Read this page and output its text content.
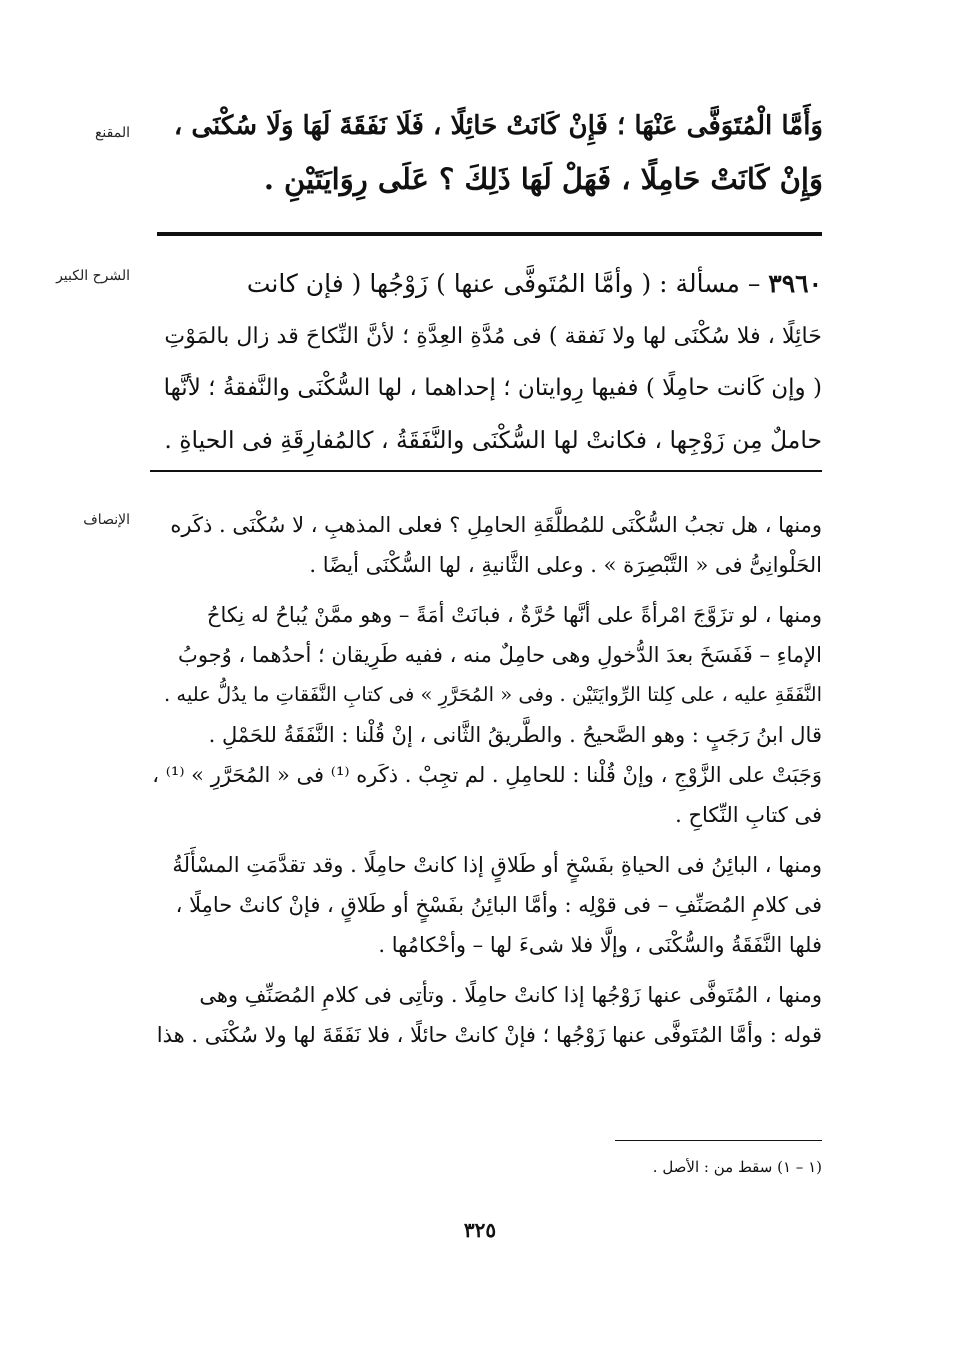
المقنع	وَأَمَّا الْمُتَوَفَّى عَنْهَا ؛ فَإِنْ كَانَتْ حَائِلًا ، فَلَا نَفَقَةَ لَهَا وَلَا سُكْنَى ،
وَإِنْ كَانَتْ حَامِلًا ، فَهَلْ لَهَا ذَلِكَ ؟ عَلَى رِوَايَتَيْنِ .
الشرح الكبير	٣٩٦٠ – مسألة : ( وأمَّا المُتَوفَّى عنها ) زَوْجُها ( فإن كانت
حَائِلًا ، فلا سُكْنَى لها ولا نَفقة ) فى مُدَّةِ العِدَّةِ ؛ لأنَّ النِّكاحَ قد زال بالمَوْتِ
( وإن كَانت حامِلًا ) ففيها رِوايتان ؛ إحداهما ، لها السُّكْنَى والنَّفقةُ ؛ لأنَّها
حاملٌ مِن زَوْجِها ، فكانتْ لها السُّكْنَى والنَّفَقَةُ ، كالمُفارِقَةِ فى الحياةِ .
الإنصاف	ومنها ، هل تجبُ السُّكْنَى للمُطلَّقَةِ الحامِلِ ؟ فعلى المذهبِ ، لا سُكْنَى . ذكَره
الحَلْوانِىُّ فى « التَّبْصِرَة » . وعلى الثَّانيةِ ، لها السُّكْنَى أيضًا .
ومنها ، لو تزَوَّجَ امْرأةً على أنَّها حُرَّةٌ ، فبانَتْ أمَةً – وهو ممَّنْ يُباحُ له نِكاحُ
الإماءِ – فَفَسَخَ بعدَ الدُّخولِ وهى حامِلٌ منه ، ففيه طَرِيقان ؛ أحدُهما ، وُجوبُ
النَّفَقَةِ عليه ، على كِلتا الرِّوايَتَيْن . وفى « المُحَرَّرِ » فى كتابِ النَّفَقاتِ ما يدُلُّ عليه .
قال ابنُ رَجَبٍ : وهو الصَّحيحُ . والطَّريقُ الثَّانى ، إنْ قُلْنا : النَّفَقَةُ للحَمْلِ .
وَجَبَتْ على الزَّوْجِ ، وإنْ قُلْنا : للحامِلِ . لم تجِبْ . ذكَره ⁽¹⁾ فى « المُحَرَّرِ » ⁽¹⁾ ،
فى كتابِ النِّكاحِ .
ومنها ، البائِنُ فى الحياةِ بفَسْخٍ أو طَلاقٍ إذا كانتْ حامِلًا . وقد تقدَّمَتِ المسْأَلَةُ
فى كلامِ المُصَنِّفِ – فى قوْلِه : وأمَّا البائِنُ بفَسْخٍ أو طَلاقٍ ، فإنْ كانتْ حامِلًا ،
فلها النَّفَقَةُ والسُّكْنَى ، وإلَّا فلا شىءَ لها – وأحْكامُها .
ومنها ، المُتَوفَّى عنها زَوْجُها إذا كانتْ حامِلًا . وتأتِى فى كلامِ المُصَنِّفِ وهى
قوله : وأمَّا المُتَوفَّى عنها زَوْجُها ؛ فإنْ كانتْ حائلًا ، فلا نَفَقَةَ لها ولا سُكْنَى . هذا
(١ – ١) سقط من : الأصل .
٣٢٥
